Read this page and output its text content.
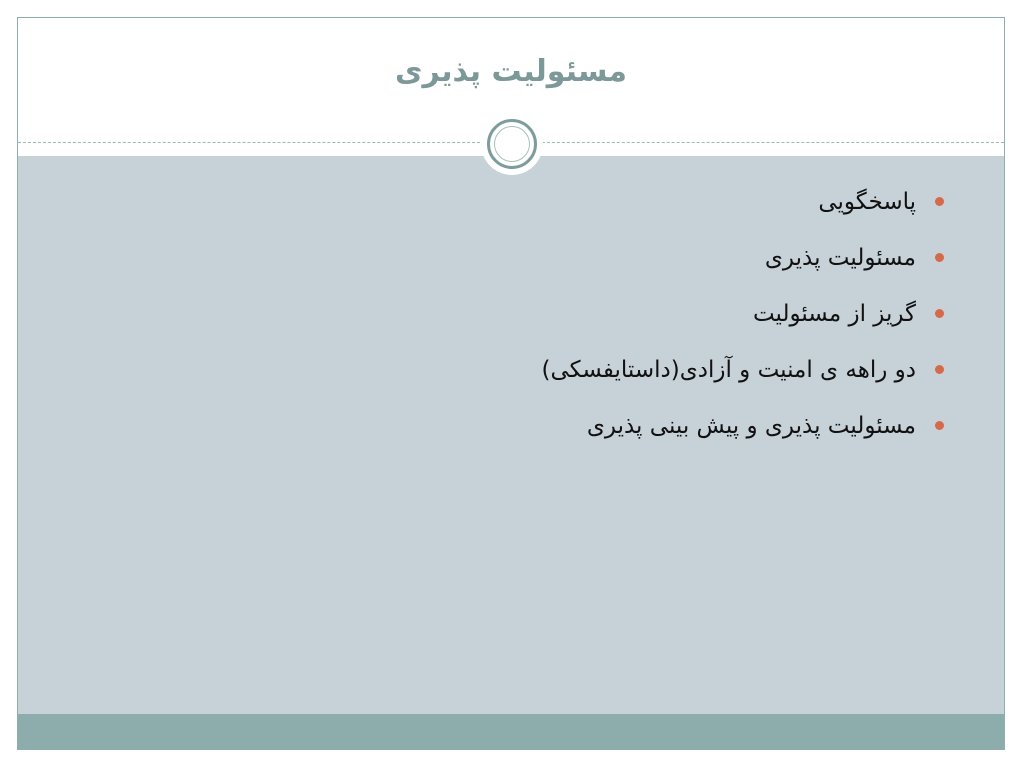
مسئولیت پذیری
پاسخگویی
مسئولیت پذیری
گریز از مسئولیت
دو راهه ی امنیت و آزادی(داستایفسکی)
مسئولیت پذیری و پیش بینی پذیری
